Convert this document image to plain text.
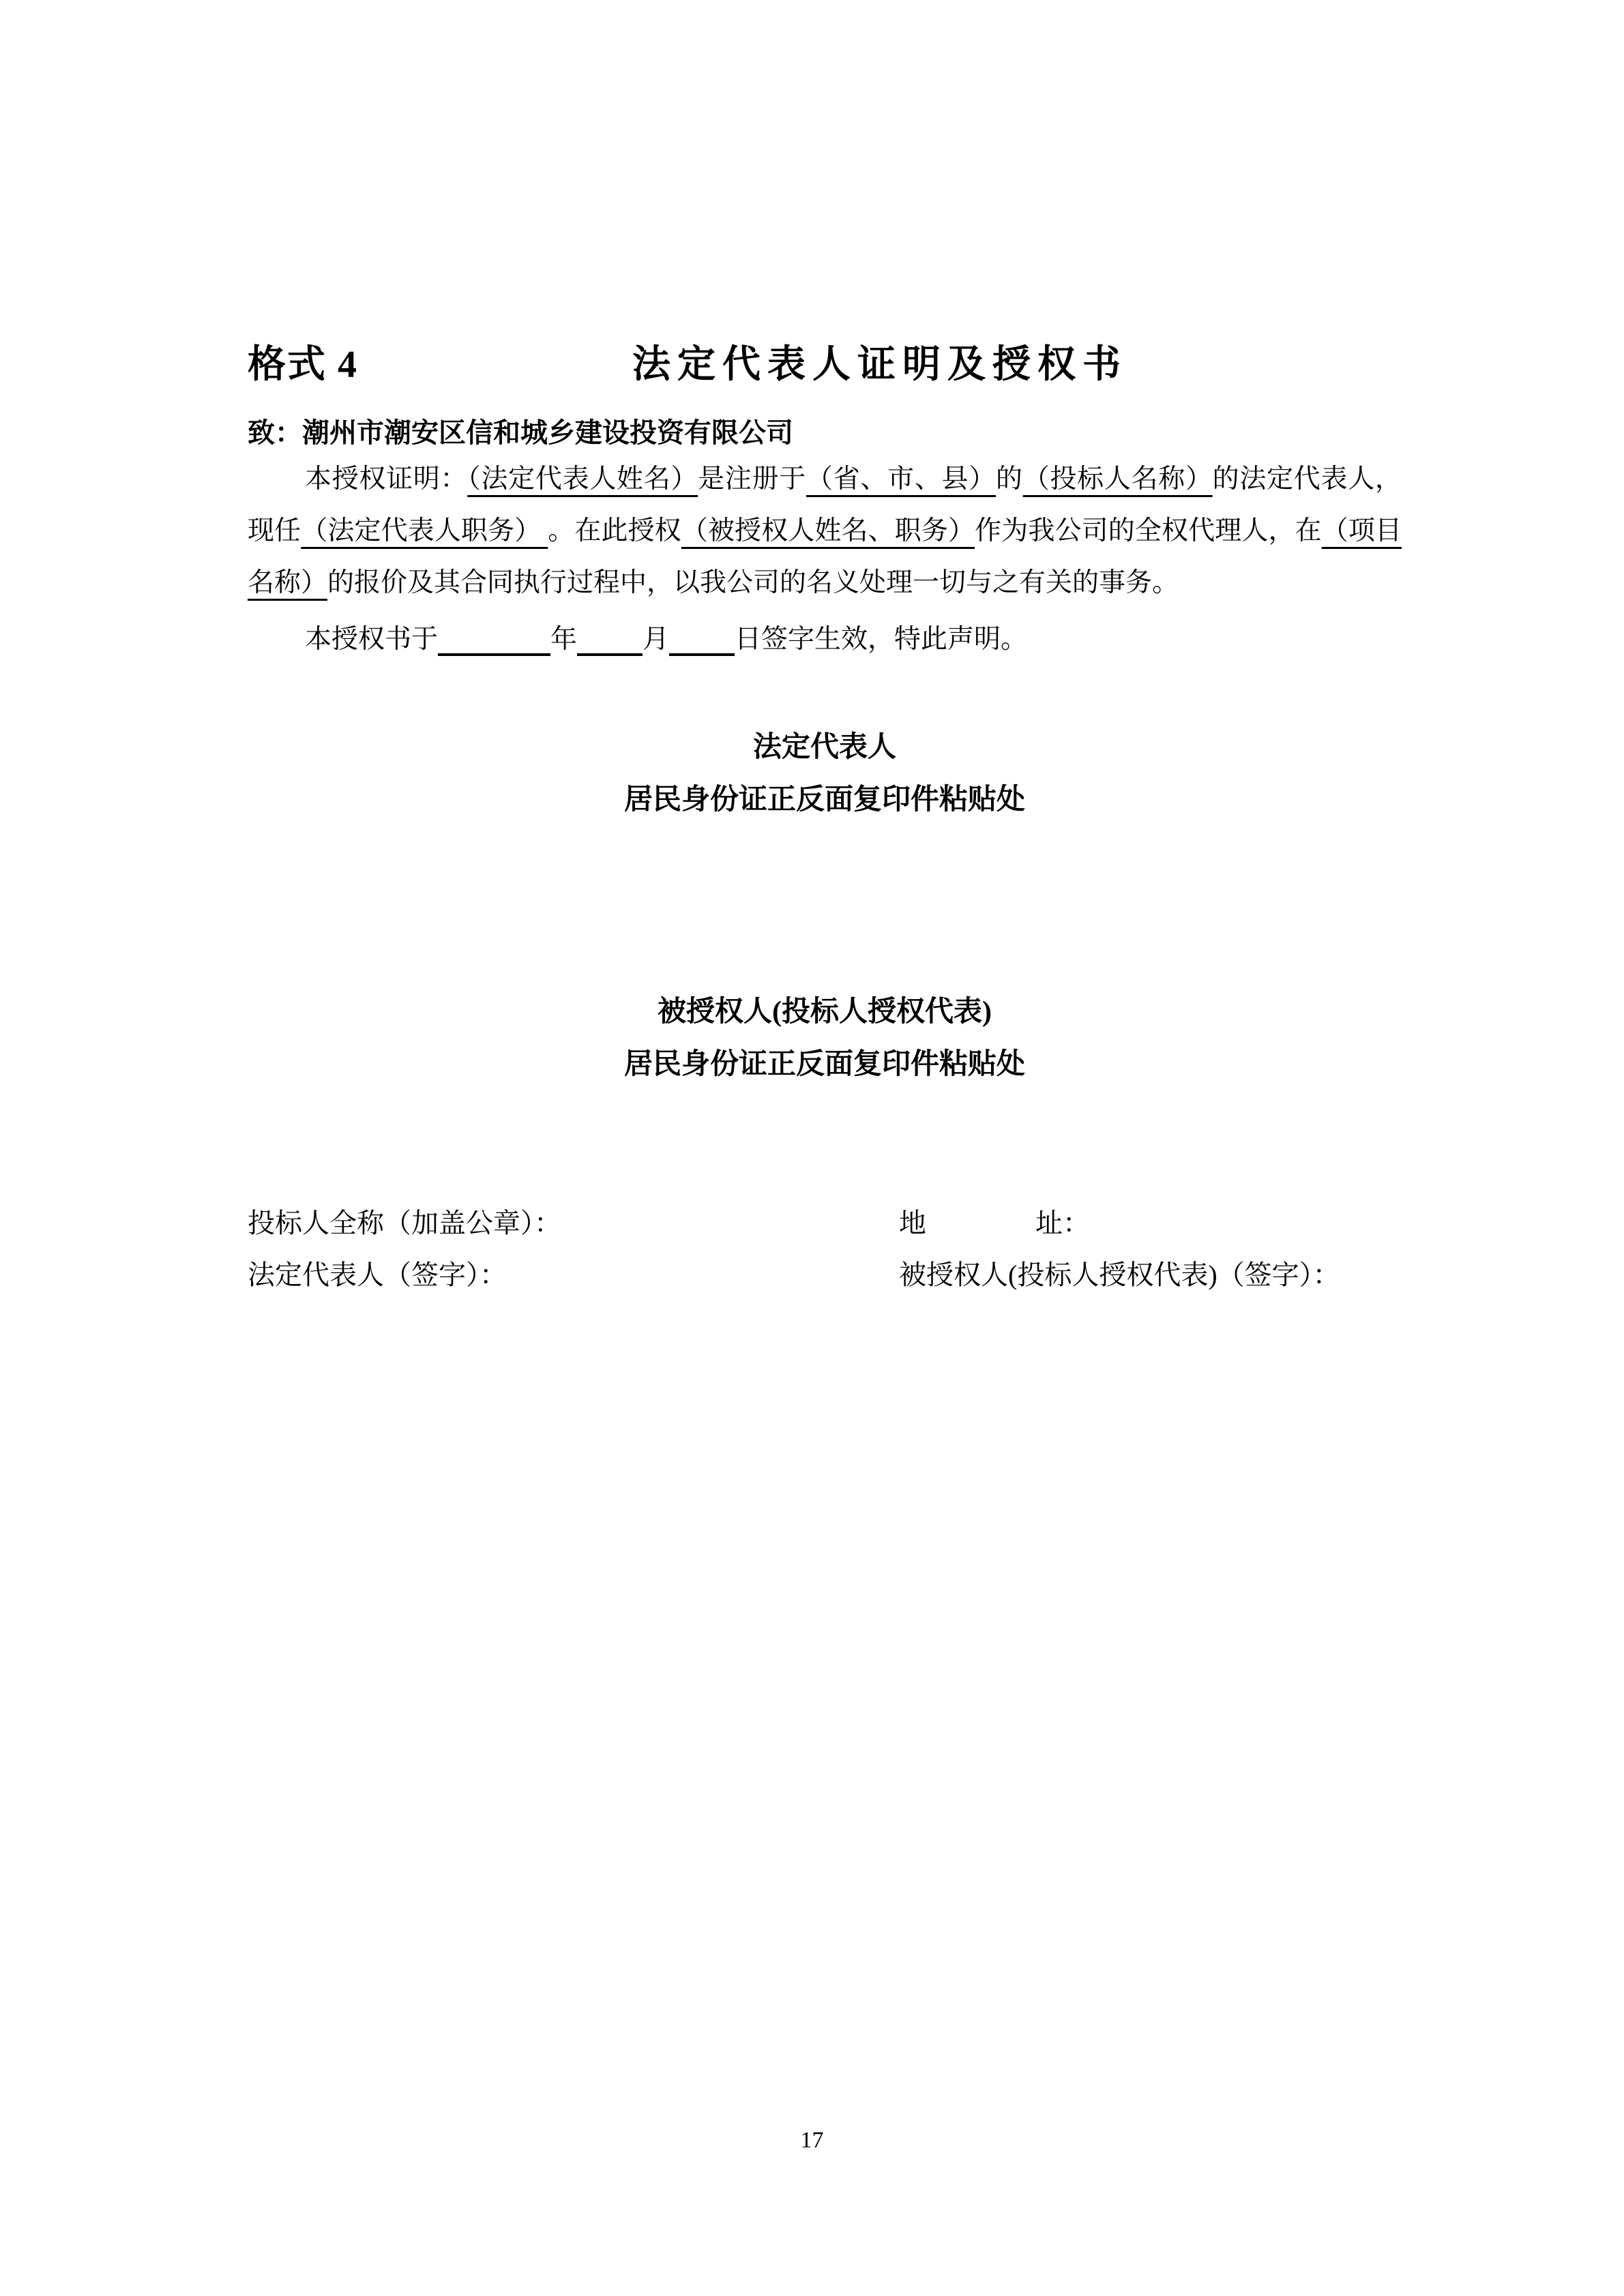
格式 4	法定代表人证明及授权书
致：潮州市潮安区信和城乡建设投资有限公司

本授权证明：（法定代表人姓名）是注册于（省、市、县）的（投标人名称）的法定代表人，现任（法定代表人职务） 。在此授权（被授权人姓名、职务）作为我公司的全权代理人，在（项目名称）的报价及其合同执行过程中，以我公司的名义处理一切与之有关的事务。

本授权书于	年 月 日签字生效，特此声明。

法定代表人
居民身份证正反面复印件粘贴处
被授权人(投标人授权代表)
居民身份证正反面复印件粘贴处
投标人全称（加盖公章）：	地　　　　址：
法定代表人（签字）：	被授权人(投标人授权代表)（签字）：
17
